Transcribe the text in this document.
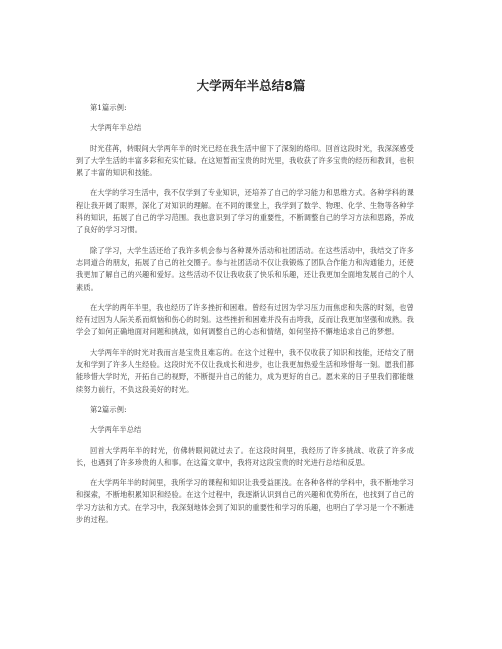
大学两年半总结8篇

第1篇示例:

大学两年半总结

时光荏苒，转眼间大学两年半的时光已经在我生活中留下了深刻的烙印。回首这段时光，我深深感受到了大学生活的丰富多彩和充实忙碌。在这短暂而宝贵的时光里，我收获了许多宝贵的经历和教训，也积累了丰富的知识和技能。

在大学的学习生活中，我不仅学到了专业知识，还培养了自己的学习能力和思维方式。各种学科的课程让我开阔了眼界，深化了对知识的理解。在不同的课堂上，我学到了数学、物理、化学、生物等各种学科的知识，拓展了自己的学习范围。我也意识到了学习的重要性，不断调整自己的学习方法和思路，养成了良好的学习习惯。

除了学习，大学生活还给了我许多机会参与各种课外活动和社团活动。在这些活动中，我结交了许多志同道合的朋友，拓展了自己的社交圈子。参与社团活动不仅让我锻炼了团队合作能力和沟通能力，还使我更加了解自己的兴趣和爱好。这些活动不仅让我收获了快乐和乐趣，还让我更加全面地发展自己的个人素质。

在大学的两年半里，我也经历了许多挫折和困难。曾经有过因为学习压力而焦虑和失落的时刻，也曾经有过因为人际关系而烦恼和伤心的时刻。这些挫折和困难并没有击垮我，反而让我更加坚强和成熟。我学会了如何正确地面对问题和挑战，如何调整自己的心态和情绪，如何坚持不懈地追求自己的梦想。

大学两年半的时光对我而言是宝贵且难忘的。在这个过程中，我不仅收获了知识和技能，还结交了朋友和学到了许多人生经验。这段时光不仅让我成长和进步，也让我更加热爱生活和珍惜每一刻。愿我们都能珍惜大学时光，开拓自己的视野，不断提升自己的能力，成为更好的自己。愿未来的日子里我们都能继续努力前行，不负这段美好的时光。

第2篇示例:

大学两年半总结

回首大学两年半的时光，仿佛转眼间就过去了。在这段时间里，我经历了许多挑战、收获了许多成长，也遇到了许多珍贵的人和事。在这篇文章中，我将对这段宝贵的时光进行总结和反思。

在大学两年半的时间里，我所学习的课程和知识让我受益匪浅。在各种各样的学科中，我不断地学习和探索，不断地积累知识和经验。在这个过程中，我逐渐认识到自己的兴趣和优势所在，也找到了自己的学习方法和方式。在学习中，我深刻地体会到了知识的重要性和学习的乐趣，也明白了学习是一个不断进步的过程。
